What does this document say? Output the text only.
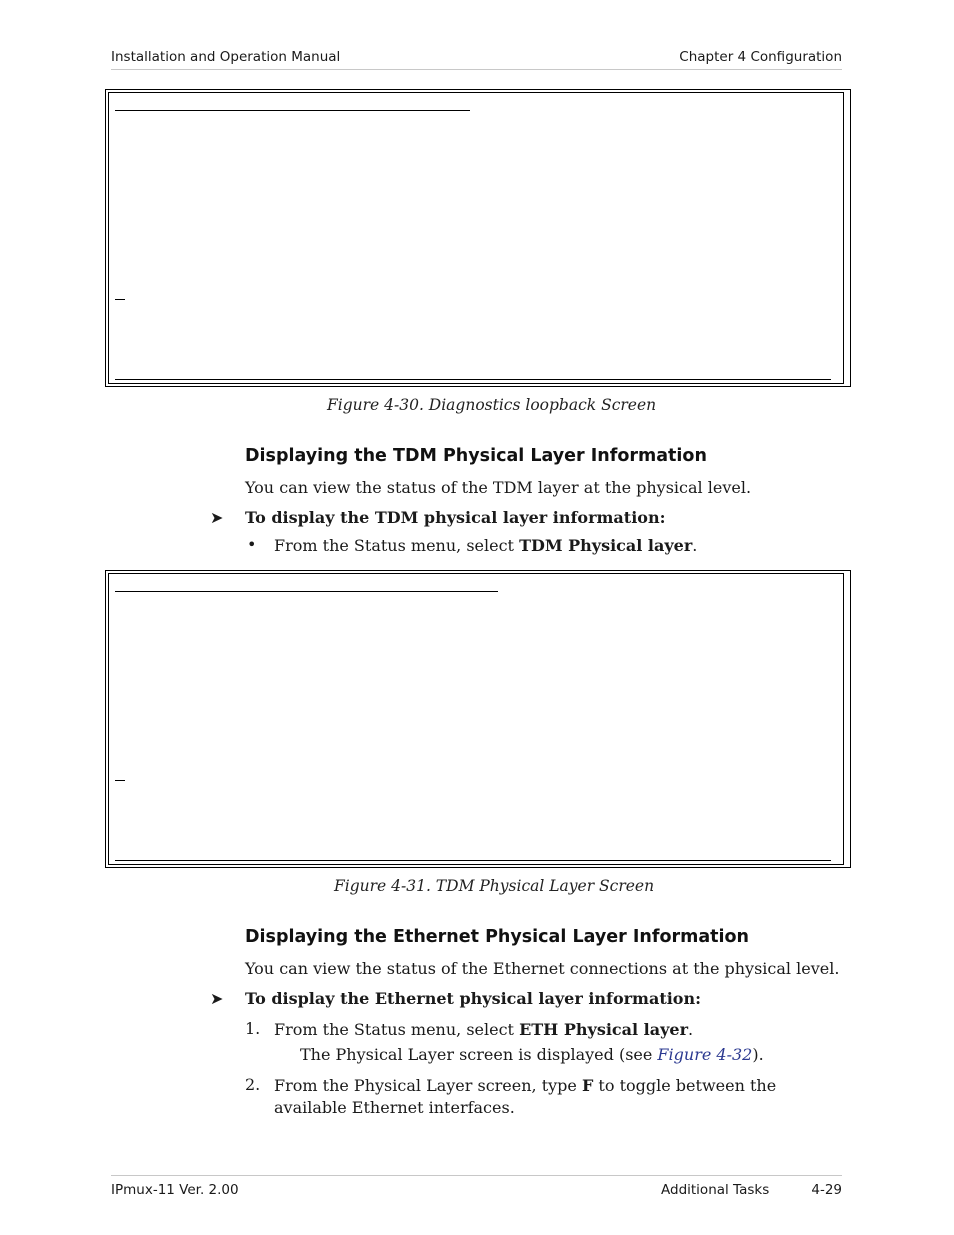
Installation and Operation Manual	Chapter 4 Configuration
Figure 4-30. Diagnostics loopback Screen
Displaying the TDM Physical Layer Information
You can view the status of the TDM layer at the physical level.
➤ To display the TDM physical layer information:
• From the Status menu, select TDM Physical layer.
Figure 4-31. TDM Physical Layer Screen
Displaying the Ethernet Physical Layer Information
You can view the status of the Ethernet connections at the physical level.
➤ To display the Ethernet physical layer information:
1. From the Status menu, select ETH Physical layer.
The Physical Layer screen is displayed (see Figure 4-32).
2. From the Physical Layer screen, type F to toggle between the available Ethernet interfaces.
IPmux-11 Ver. 2.00	Additional Tasks	4-29
